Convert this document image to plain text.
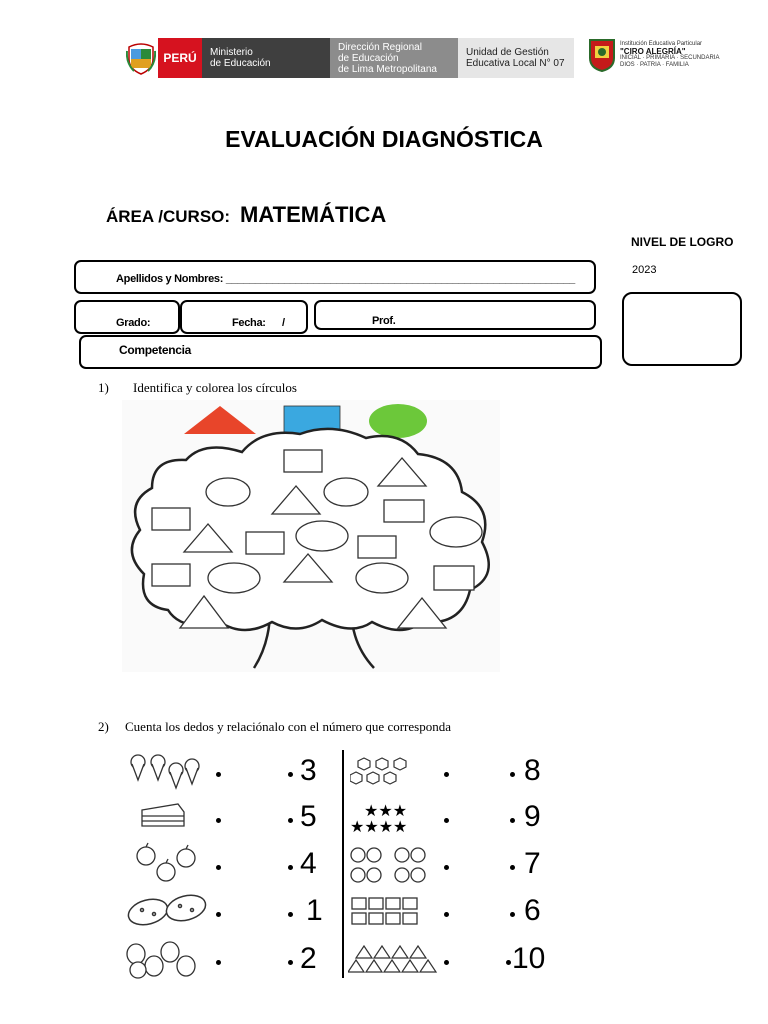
PERÚ	Ministerio
de Educación
Dirección Regional
de Educación
de Lima Metropolitana
Unidad de Gestión
Educativa Local N° 07
Institución Educativa Particular
"CIRO ALEGRÍA"
INICIAL · PRIMARIA · SECUNDARIA
DIOS · PATRIA · FAMILIA
EVALUACIÓN DIAGNÓSTICA
ÁREA /CURSO: MATEMÁTICA
NIVEL DE LOGRO
2023
Apellidos y Nombres: ____________________________________________________________
Grado:	Fecha: /	Prof.
Competencia
1) Identifica y colorea los círculos
2) Cuenta los dedos y relaciónalo con el número que corresponda
3
5
4
1
2
★★★
★★★★
8
9
7
6
10
